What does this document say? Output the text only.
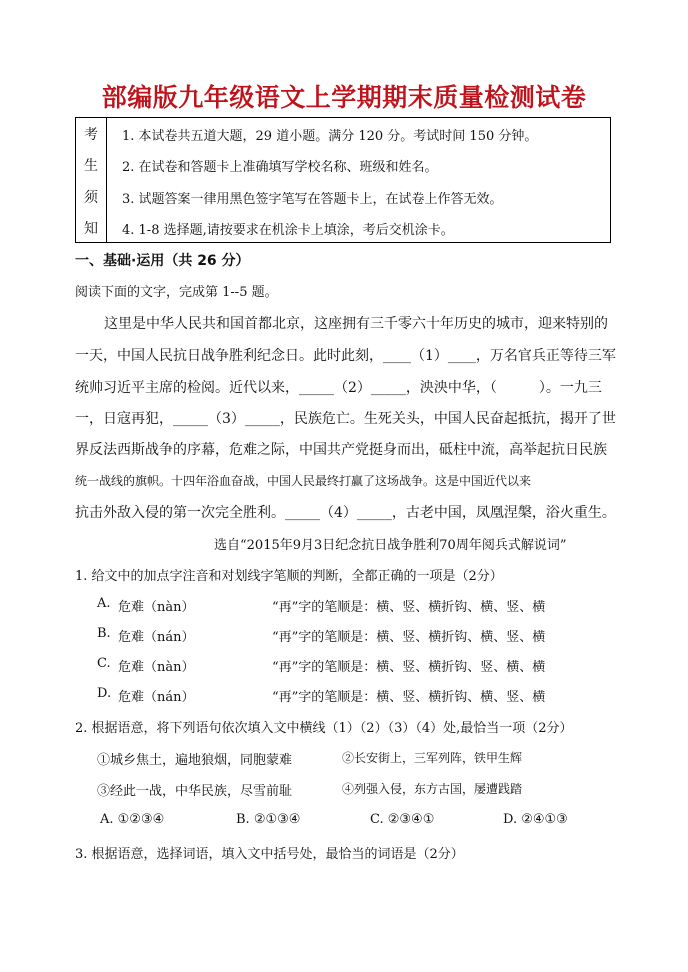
部编版九年级语文上学期期末质量检测试卷
考
生
须
知
1. 本试卷共五道大题，29 道小题。满分 120 分。考试时间 150 分钟。
2. 在试卷和答题卡上准确填写学校名称、班级和姓名。
3. 试题答案一律用黑色签字笔写在答题卡上，在试卷上作答无效。
4. 1-8 选择题,请按要求在机涂卡上填涂，考后交机涂卡。
一、基础·运用（共 26 分）
阅读下面的文字，完成第 1--5 题。
这里是中华人民共和国首都北京，这座拥有三千零六十年历史的城市，迎来特别的
一天，中国人民抗日战争胜利纪念日。此时此刻，____（1）____，万名官兵正等待三军
统帅习近平主席的检阅。近代以来，_____（2）_____，泱泱中华，（　　　）。一九三
一，日寇再犯，_____（3）_____，民族危亡。生死关头，中国人民奋起抵抗，揭开了世
界反法西斯战争的序幕，危难之际，中国共产党挺身而出，砥柱中流，高举起抗日民族
统一战线的旗帜。十四年浴血奋战，中国人民最终打赢了这场战争。这是中国近代以来
抗击外敌入侵的第一次完全胜利。_____（4）_____，古老中国，凤凰涅槃，浴火重生。
选自“2015年9月3日纪念抗日战争胜利70周年阅兵式解说词”
1. 给文中的加点字注音和对划线字笔顺的判断，全都正确的一项是（2分）
A. 危难（nàn）	“再”字的笔顺是：横、竖、横折钩、横、竖、横
B. 危难（nán）	“再”字的笔顺是：横、竖、横折钩、横、竖、横
C. 危难（nàn）	“再”字的笔顺是：横、竖、横折钩、竖、横、横
D. 危难（nán）	“再”字的笔顺是：横、竖、横折钩、横、竖、横
2. 根据语意，将下列语句依次填入文中横线（1）（2）（3）（4）处,最恰当一项（2分）
①城乡焦土，遍地狼烟，同胞蒙难	②长安街上，三军列阵，铁甲生辉
③经此一战，中华民族，尽雪前耻	④列强入侵，东方古国，屡遭践踏
A. ①②③④	B. ②①③④	C. ②③④①	D. ②④①③
3. 根据语意，选择词语，填入文中括号处，最恰当的词语是（2分）
